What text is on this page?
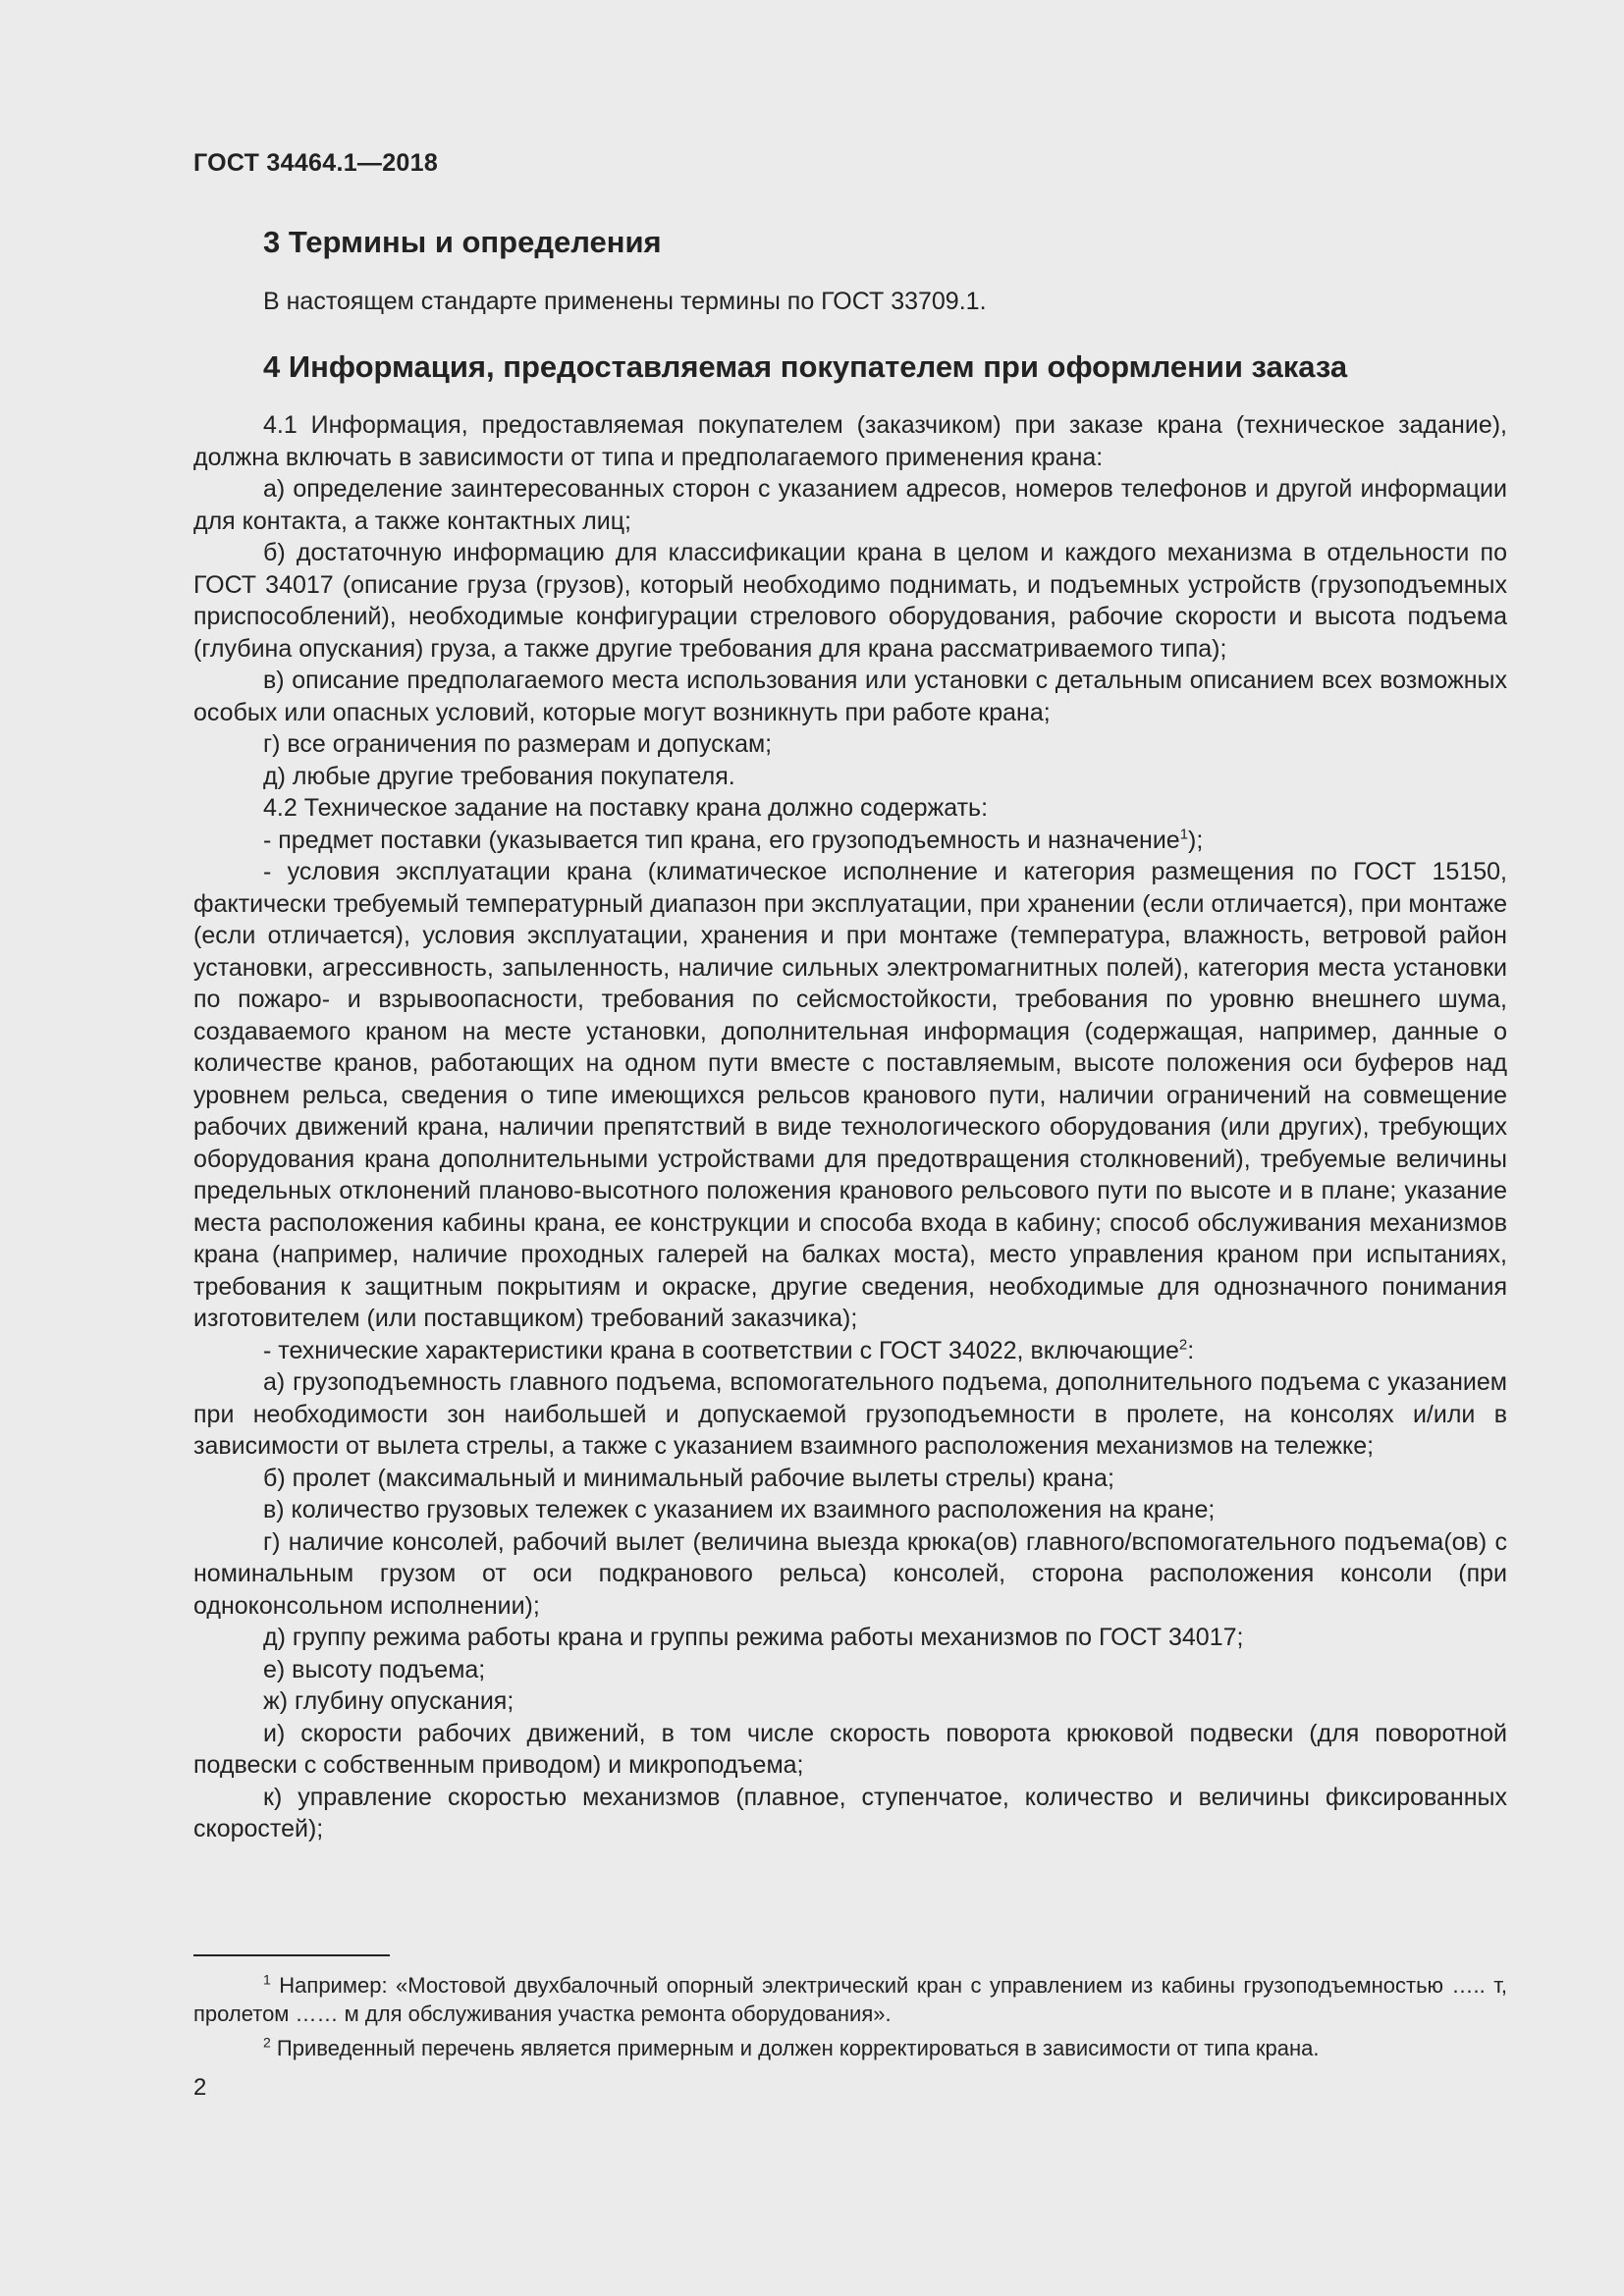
ГОСТ 34464.1—2018
3 Термины и определения

В настоящем стандарте применены термины по ГОСТ 33709.1.

4 Информация, предоставляемая покупателем при оформлении заказа

4.1 Информация, предоставляемая покупателем (заказчиком) при заказе крана (техническое задание), должна включать в зависимости от типа и предполагаемого применения крана:

а) определение заинтересованных сторон с указанием адресов, номеров телефонов и другой информации для контакта, а также контактных лиц;

б) достаточную информацию для классификации крана в целом и каждого механизма в отдельности по ГОСТ 34017 (описание груза (грузов), который необходимо поднимать, и подъемных устройств (грузоподъемных приспособлений), необходимые конфигурации стрелового оборудования, рабочие скорости и высота подъема (глубина опускания) груза, а также другие требования для крана рассматриваемого типа);

в) описание предполагаемого места использования или установки с детальным описанием всех возможных особых или опасных условий, которые могут возникнуть при работе крана;

г) все ограничения по размерам и допускам;

д) любые другие требования покупателя.

4.2 Техническое задание на поставку крана должно содержать:

- предмет поставки (указывается тип крана, его грузоподъемность и назначение$^1$);

- условия эксплуатации крана (климатическое исполнение и категория размещения по ГОСТ 15150, фактически требуемый температурный диапазон при эксплуатации, при хранении (если отличается), при монтаже (если отличается), условия эксплуатации, хранения и при монтаже (температура, влажность, ветровой район установки, агрессивность, запыленность, наличие сильных электромагнитных полей), категория места установки по пожаро- и взрывоопасности, требования по сейсмостойкости, требования по уровню внешнего шума, создаваемого краном на месте установки, дополнительная информация (содержащая, например, данные о количестве кранов, работающих на одном пути вместе с поставляемым, высоте положения оси буферов над уровнем рельса, сведения о типе имеющихся рельсов кранового пути, наличии ограничений на совмещение рабочих движений крана, наличии препятствий в виде технологического оборудования (или других), требующих оборудования крана дополнительными устройствами для предотвращения столкновений), требуемые величины предельных отклонений планово-высотного положения кранового рельсового пути по высоте и в плане; указание места расположения кабины крана, ее конструкции и способа входа в кабину; способ обслуживания механизмов крана (например, наличие проходных галерей на балках моста), место управления краном при испытаниях, требования к защитным покрытиям и окраске, другие сведения, необходимые для однозначного понимания изготовителем (или поставщиком) требований заказчика);

- технические характеристики крана в соответствии с ГОСТ 34022, включающие$^2$:

а) грузоподъемность главного подъема, вспомогательного подъема, дополнительного подъема с указанием при необходимости зон наибольшей и допускаемой грузоподъемности в пролете, на консолях и/или в зависимости от вылета стрелы, а также с указанием взаимного расположения механизмов на тележке;

б) пролет (максимальный и минимальный рабочие вылеты стрелы) крана;

в) количество грузовых тележек с указанием их взаимного расположения на кране;

г) наличие консолей, рабочий вылет (величина выезда крюка(ов) главного/вспомогательного подъема(ов) с номинальным грузом от оси подкранового рельса) консолей, сторона расположения консоли (при одноконсольном исполнении);

д) группу режима работы крана и группы режима работы механизмов по ГОСТ 34017;

е) высоту подъема;

ж) глубину опускания;

и) скорости рабочих движений, в том числе скорость поворота крюковой подвески (для поворотной подвески с собственным приводом) и микроподъема;

к) управление скоростью механизмов (плавное, ступенчатое, количество и величины фиксированных скоростей);

$^1$ Например: «Мостовой двухбалочный опорный электрический кран с управлением из кабины грузоподъемностью ….. т, пролетом …… м для обслуживания участка ремонта оборудования».

$^2$ Приведенный перечень является примерным и должен корректироваться в зависимости от типа крана.

2
